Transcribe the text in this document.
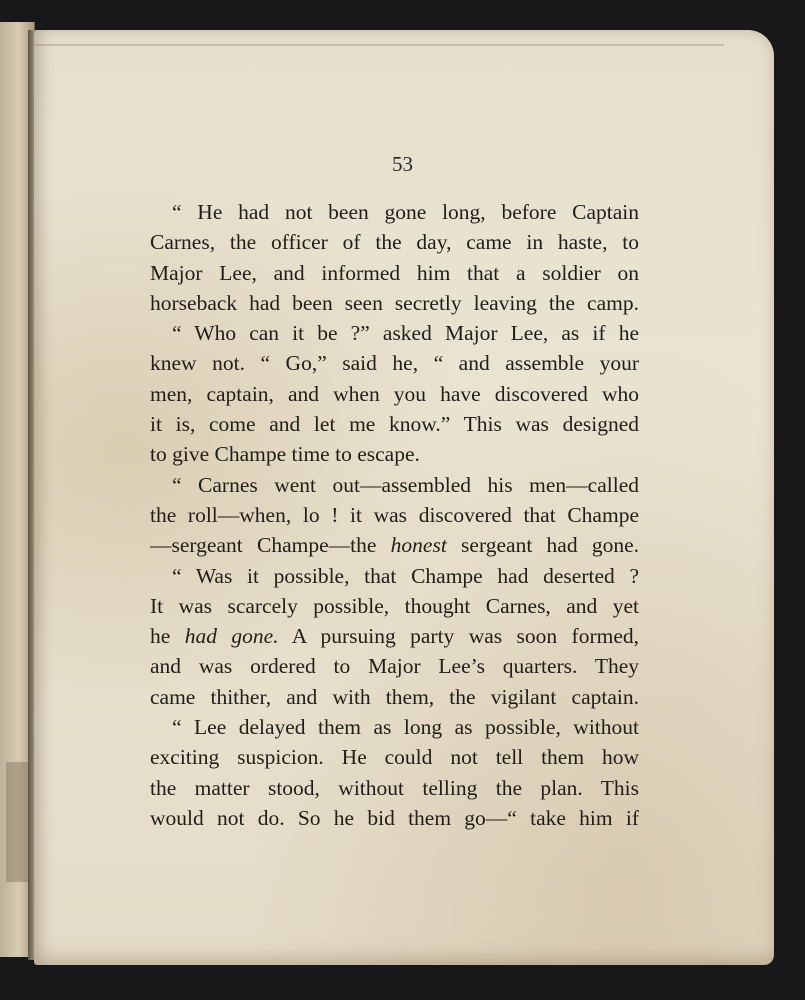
53
“ He had not been gone long, before Captain
Carnes, the officer of the day, came in haste, to
Major Lee, and informed him that a soldier on
horseback had been seen secretly leaving the camp.
“ Who can it be ?” asked Major Lee, as if he
knew not. “ Go,” said he, “ and assemble your
men, captain, and when you have discovered who
it is, come and let me know.” This was designed
to give Champe time to escape.
“ Carnes went out—assembled his men—called
the roll—when, lo ! it was discovered that Champe
—sergeant Champe—the honest sergeant had gone.
“ Was it possible, that Champe had deserted ?
It was scarcely possible, thought Carnes, and yet
he had gone. A pursuing party was soon formed,
and was ordered to Major Lee’s quarters. They
came thither, and with them, the vigilant captain.
“ Lee delayed them as long as possible, without
exciting suspicion. He could not tell them how
the matter stood, without telling the plan. This
would not do. So he bid them go—“ take him if
